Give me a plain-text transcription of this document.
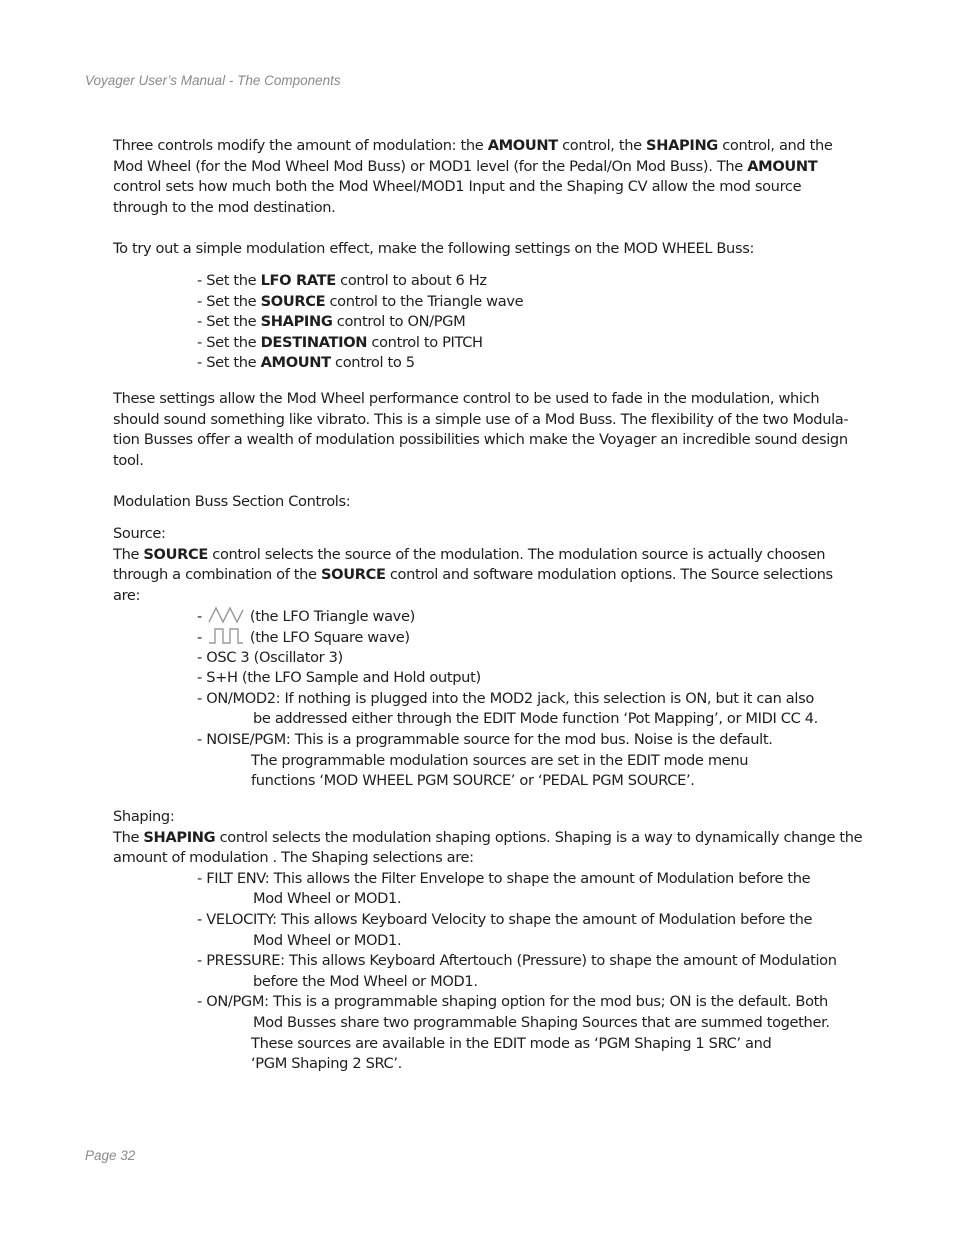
Voyager User’s Manual - The Components
Three controls modify the amount of modulation: the AMOUNT control, the SHAPING control, and the
Mod Wheel (for the Mod Wheel Mod Buss) or MOD1 level (for the Pedal/On Mod Buss). The AMOUNT
control sets how much both the Mod Wheel/MOD1 Input and the Shaping CV allow the mod source
through to the mod destination.
To try out a simple modulation effect, make the following settings on the MOD WHEEL Buss:
- Set the LFO RATE control to about 6 Hz
- Set the SOURCE control to the Triangle wave
- Set the SHAPING control to ON/PGM
- Set the DESTINATION control to PITCH
- Set the AMOUNT control to 5
These settings allow the Mod Wheel performance control to be used to fade in the modulation, which
should sound something like vibrato. This is a simple use of a Mod Buss. The flexibility of the two Modula-
tion Busses offer a wealth of modulation possibilities which make the Voyager an incredible sound design
tool.
Modulation Buss Section Controls:
Source:
The SOURCE control selects the source of the modulation. The modulation source is actually choosen
through a combination of the SOURCE control and software modulation options. The Source selections
are:
-	(the LFO Triangle wave)
-	(the LFO Square wave)
- OSC 3 (Oscillator 3)
- S+H (the LFO Sample and Hold output)
- ON/MOD2: If nothing is plugged into the MOD2 jack, this selection is ON, but it can also
be addressed either through the EDIT Mode function ‘Pot Mapping’, or MIDI CC 4.
- NOISE/PGM: This is a programmable source for the mod bus. Noise is the default.
The programmable modulation sources are set in the EDIT mode menu
functions ‘MOD WHEEL PGM SOURCE’ or ‘PEDAL PGM SOURCE’.
Shaping:
The SHAPING control selects the modulation shaping options. Shaping is a way to dynamically change the
amount of modulation . The Shaping selections are:
- FILT ENV: This allows the Filter Envelope to shape the amount of Modulation before the
Mod Wheel or MOD1.
- VELOCITY: This allows Keyboard Velocity to shape the amount of Modulation before the
Mod Wheel or MOD1.
- PRESSURE: This allows Keyboard Aftertouch (Pressure) to shape the amount of Modulation
before the Mod Wheel or MOD1.
- ON/PGM: This is a programmable shaping option for the mod bus; ON is the default. Both
Mod Busses share two programmable Shaping Sources that are summed together.
These sources are available in the EDIT mode as ‘PGM Shaping 1 SRC’ and
‘PGM Shaping 2 SRC’.
Page 32
